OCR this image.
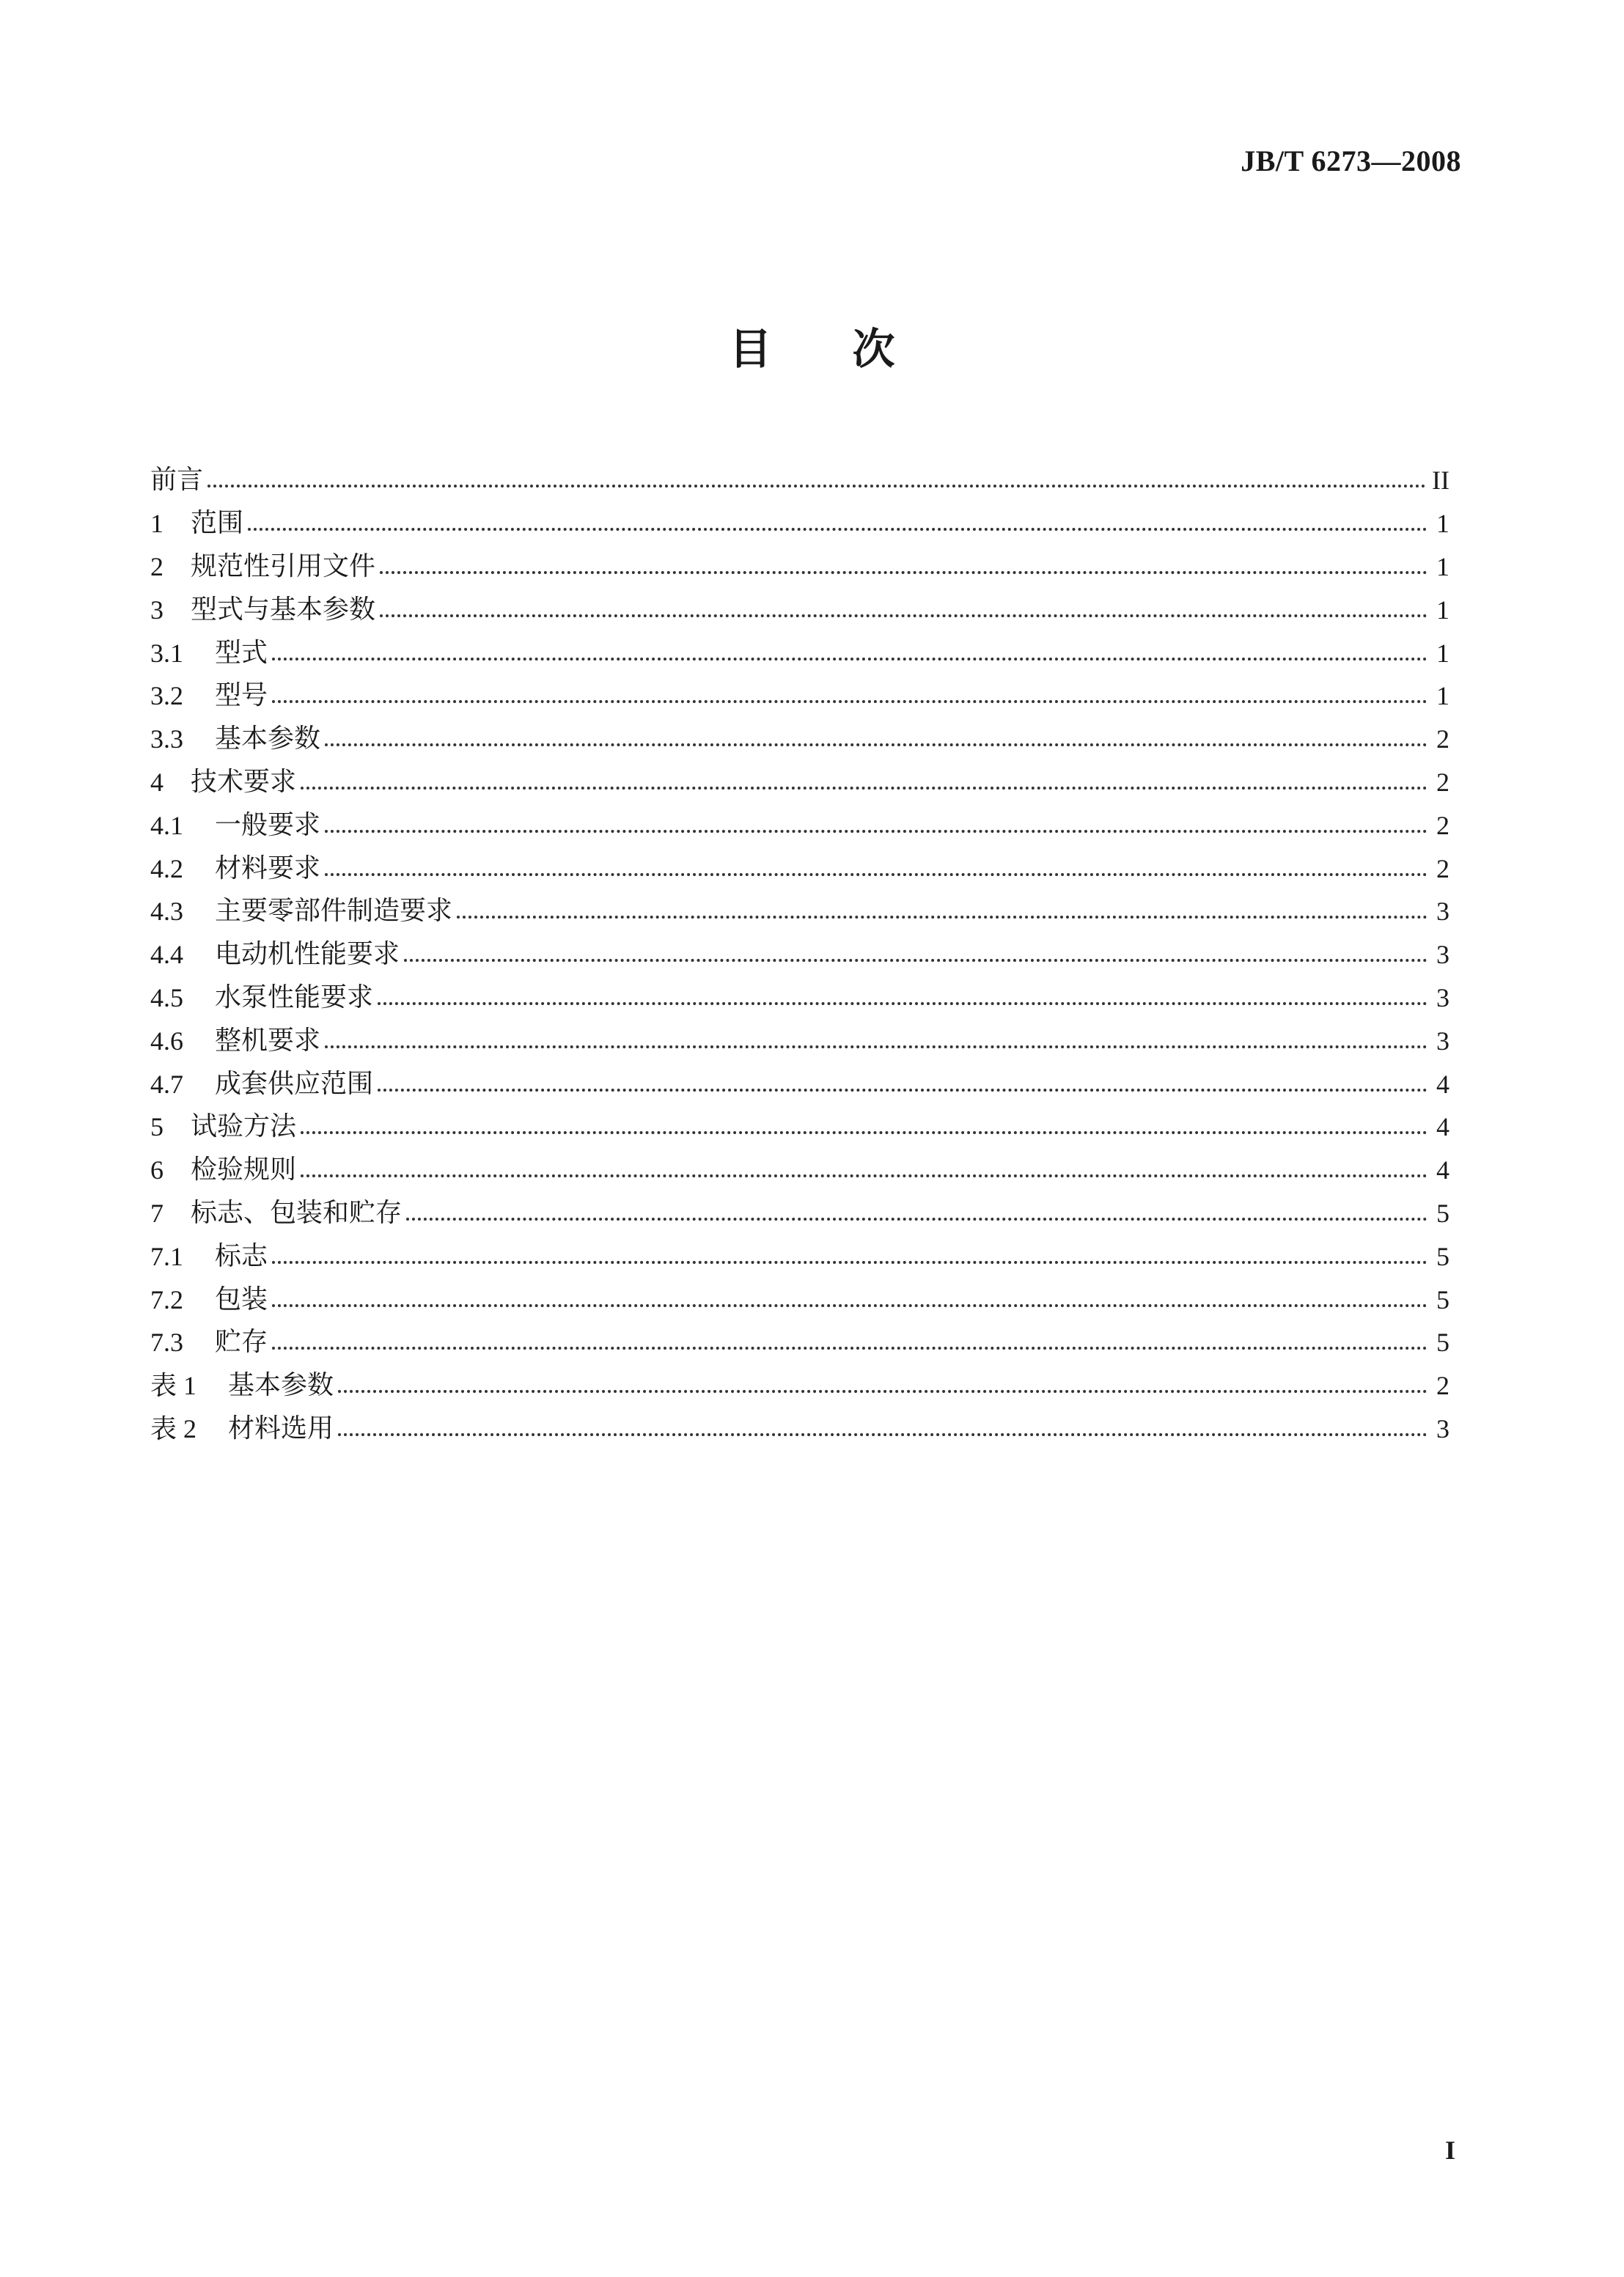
JB/T 6273—2008
目 次
前言	II
1	范围	1
2	规范性引用文件	1
3	型式与基本参数	1
3.1	型式	1
3.2	型号	1
3.3	基本参数	2
4	技术要求	2
4.1	一般要求	2
4.2	材料要求	2
4.3	主要零部件制造要求	3
4.4	电动机性能要求	3
4.5	水泵性能要求	3
4.6	整机要求	3
4.7	成套供应范围	4
5	试验方法	4
6	检验规则	4
7	标志、包装和贮存	5
7.1	标志	5
7.2	包装	5
7.3	贮存	5
表 1	基本参数	2
表 2	材料选用	3
I
